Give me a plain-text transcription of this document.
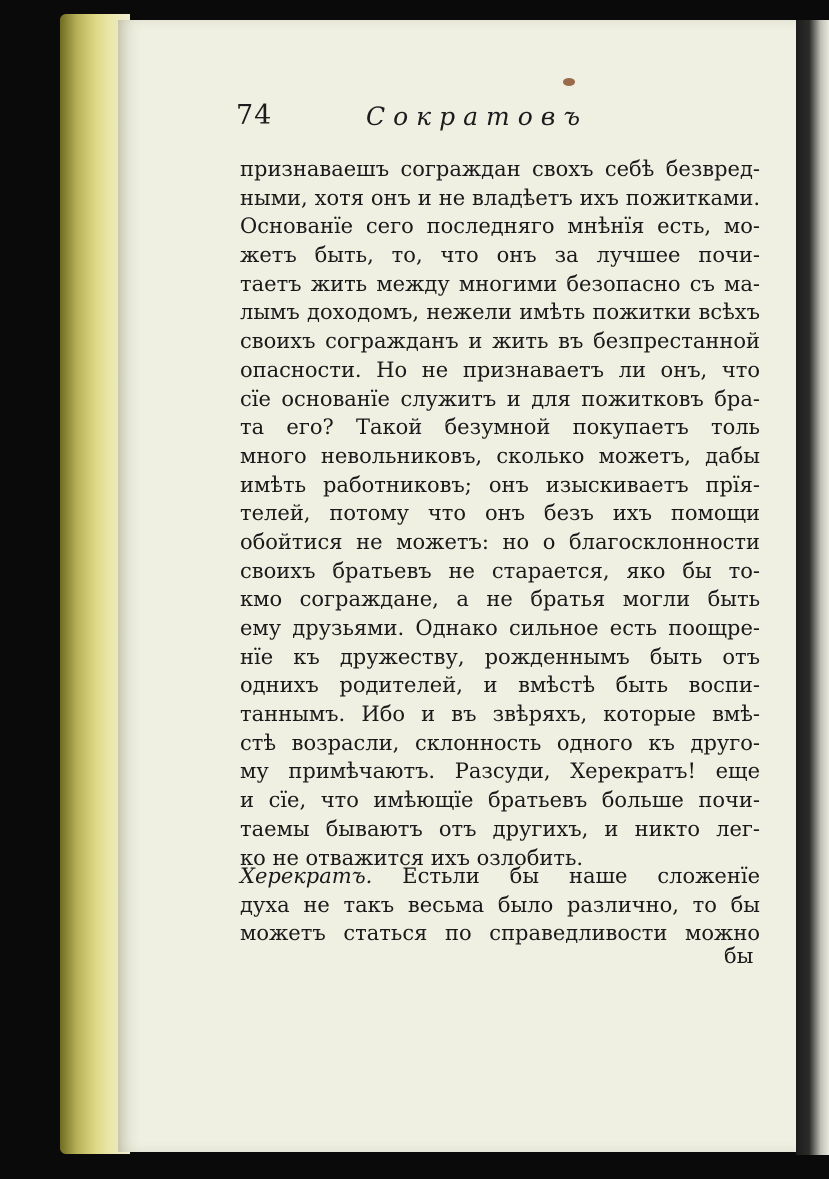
74	Сократовъ
признаваешъ сограждан свохъ себѣ безвред-
ными, хотя онъ и не владѣетъ ихъ пожитками.
Основанїе сего последняго мнѣнїя есть, мо-
жетъ быть, то, что онъ за лучшее почи-
таетъ жить между многими безопасно съ ма-
лымъ доходомъ, нежели имѣть пожитки всѣхъ
своихъ согражданъ и жить въ безпрестанной
опасности. Но не признаваетъ ли онъ, что
сїе основанїе служитъ и для пожитковъ бра-
та его? Такой безумной покупаетъ толь
много невольниковъ, сколько можетъ, дабы
имѣть работниковъ; онъ изыскиваетъ прїя-
телей, потому что онъ безъ ихъ помощи
обойтися не можетъ: но о благосклонности
своихъ братьевъ не старается, яко бы то-
кмо сограждане, а не братья могли быть
ему друзьями. Однако сильное есть поощре-
нїе къ дружеству, рожденнымъ быть отъ
однихъ родителей, и вмѣстѣ быть воспи-
таннымъ. Ибо и въ звѣряхъ, которые вмѣ-
стѣ возрасли, склонность одного къ друго-
му примѣчаютъ. Разсуди, Херекратъ! еще
и сїе, что имѣющїе братьевъ больше почи-
таемы бываютъ отъ другихъ, и никто лег-
ко не отважится ихъ озлобить.
Херекратъ. Естьли бы наше сложенїе
духа не такъ весьма было различно, то бы
можетъ статься по справедливости можно
бы
